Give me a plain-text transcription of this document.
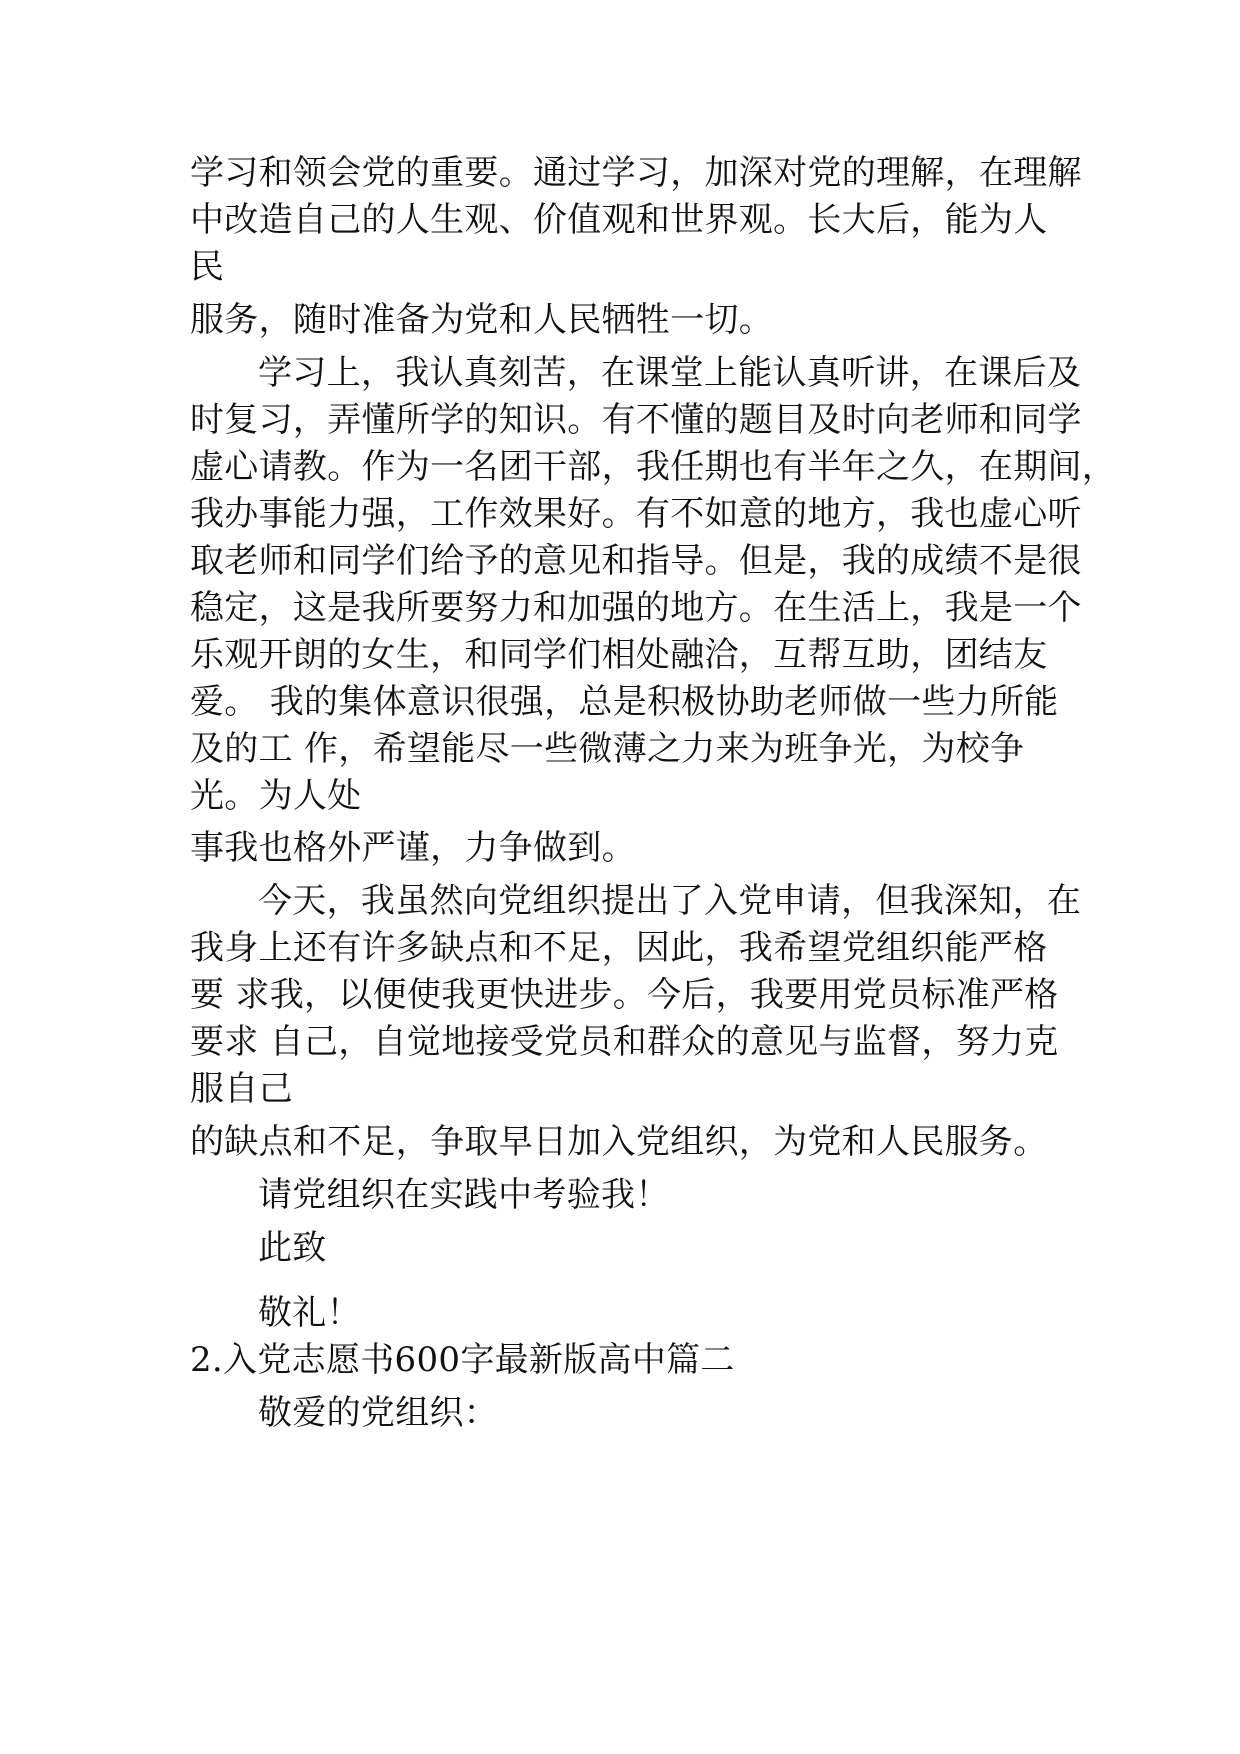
学习和领会党的重要。通过学习，加深对党的理解，在理解
中改造自己的人生观、价值观和世界观。长大后，能为人
民
服务，随时准备为党和人民牺牲一切。
学习上，我认真刻苦，在课堂上能认真听讲，在课后及
时复习，弄懂所学的知识。有不懂的题目及时向老师和同学
虚心请教。作为一名团干部，我任期也有半年之久，在期间，
我办事能力强，工作效果好。有不如意的地方，我也虚心听
取老师和同学们给予的意见和指导。但是，我的成绩不是很
稳定，这是我所要努力和加强的地方。在生活上，我是一个
乐观开朗的女生，和同学们相处融洽，互帮互助，团结友
爱。 我的集体意识很强，总是积极协助老师做一些力所能
及的工 作，希望能尽一些微薄之力来为班争光，为校争
光。为人处
事我也格外严谨，力争做到。
今天，我虽然向党组织提出了入党申请，但我深知，在
我身上还有许多缺点和不足，因此，我希望党组织能严格
要 求我，以便使我更快进步。今后，我要用党员标准严格
要求 自己，自觉地接受党员和群众的意见与监督，努力克
服自己
的缺点和不足，争取早日加入党组织，为党和人民服务。
请党组织在实践中考验我！
此致
敬礼！
2.入党志愿书600字最新版高中篇二
敬爱的党组织：
